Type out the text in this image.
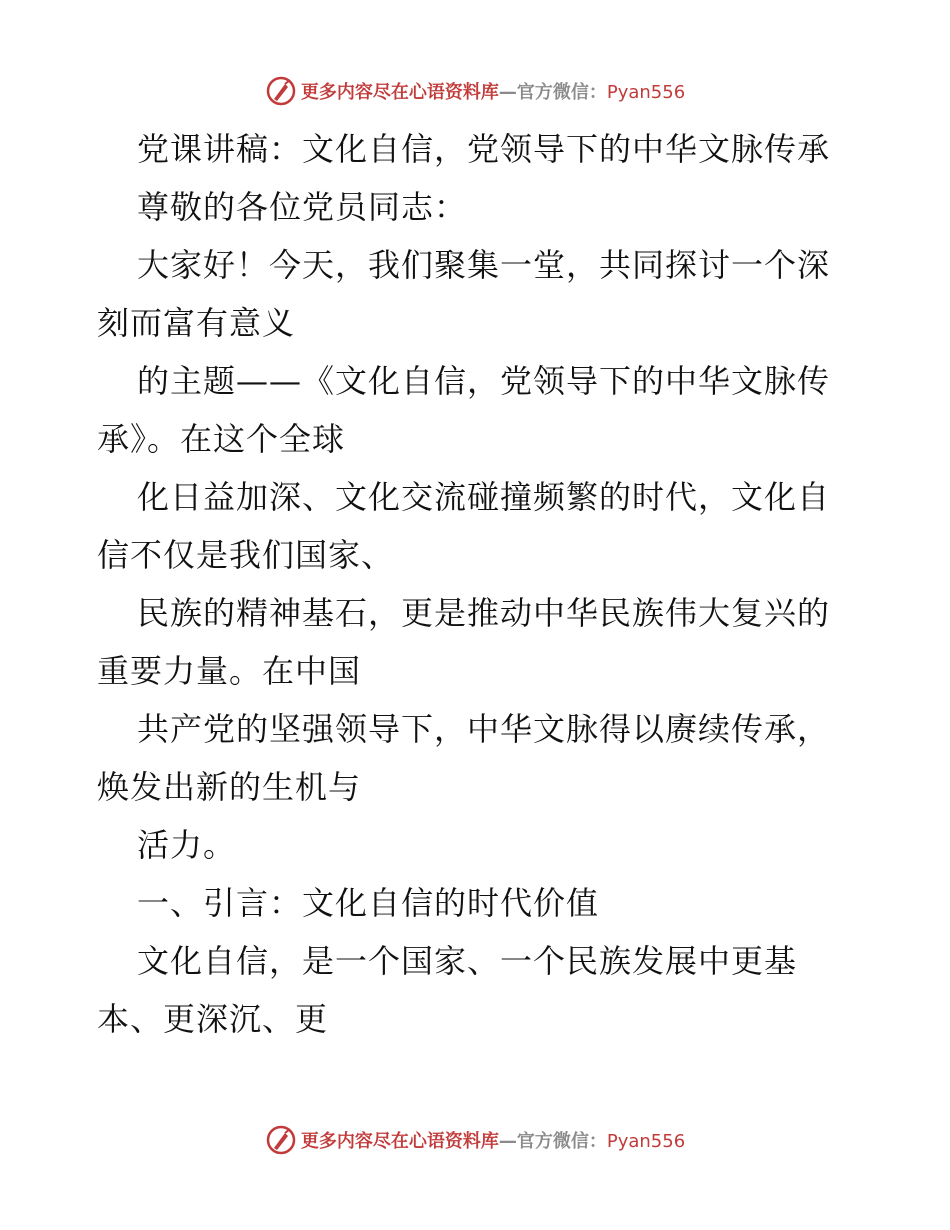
更多内容尽在心语资料库—官方微信：Pyan556
党课讲稿：文化自信，党领导下的中华文脉传承
尊敬的各位党员同志：
大家好！今天，我们聚集一堂，共同探讨一个深
刻而富有意义
的主题——《文化自信，党领导下的中华文脉传
承》。在这个全球
化日益加深、文化交流碰撞频繁的时代，文化自
信不仅是我们国家、
民族的精神基石，更是推动中华民族伟大复兴的
重要力量。在中国
共产党的坚强领导下，中华文脉得以赓续传承，
焕发出新的生机与
活力。
一、引言：文化自信的时代价值
文化自信，是一个国家、一个民族发展中更基
本、更深沉、更
更多内容尽在心语资料库—官方微信：Pyan556
